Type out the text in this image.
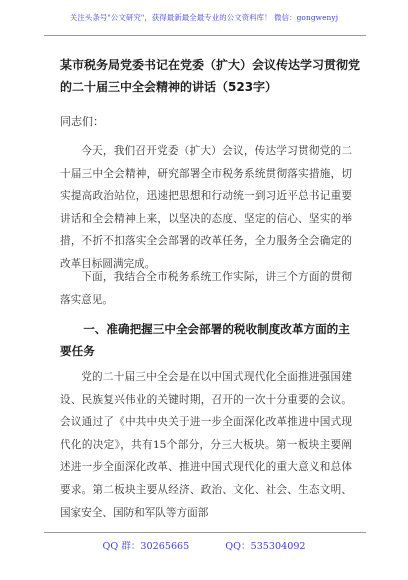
关注头条号"公文研究"，获得最新最全最专业的公文资料库！ 微信：gongwenyj
某市税务局党委书记在党委（扩大）会议传达学习贯彻党的二十届三中全会精神的讲话（523字）

同志们：

今天，我们召开党委（扩大）会议，传达学习贯彻党的二十届三中全会精神，研究部署全市税务系统贯彻落实措施，切实提高政治站位，迅速把思想和行动统一到习近平总书记重要讲话和全会精神上来，以坚决的态度、坚定的信心、坚实的举措，不折不扣落实全会部署的改革任务，全力服务全会确定的改革目标圆满完成。

下面，我结合全市税务系统工作实际，讲三个方面的贯彻落实意见。

一、准确把握三中全会部署的税收制度改革方面的主要任务

党的二十届三中全会是在以中国式现代化全面推进强国建设、民族复兴伟业的关键时期，召开的一次十分重要的会议。会议通过了《中共中央关于进一步全面深化改革推进中国式现代化的决定》，共有15个部分，分三大板块。第一板块主要阐述进一步全面深化改革、推进中国式现代化的重大意义和总体要求。第二板块主要从经济、政治、文化、社会、生态文明、国家安全、国防和军队等方面部

QQ 群：30265665	QQ：535304092
